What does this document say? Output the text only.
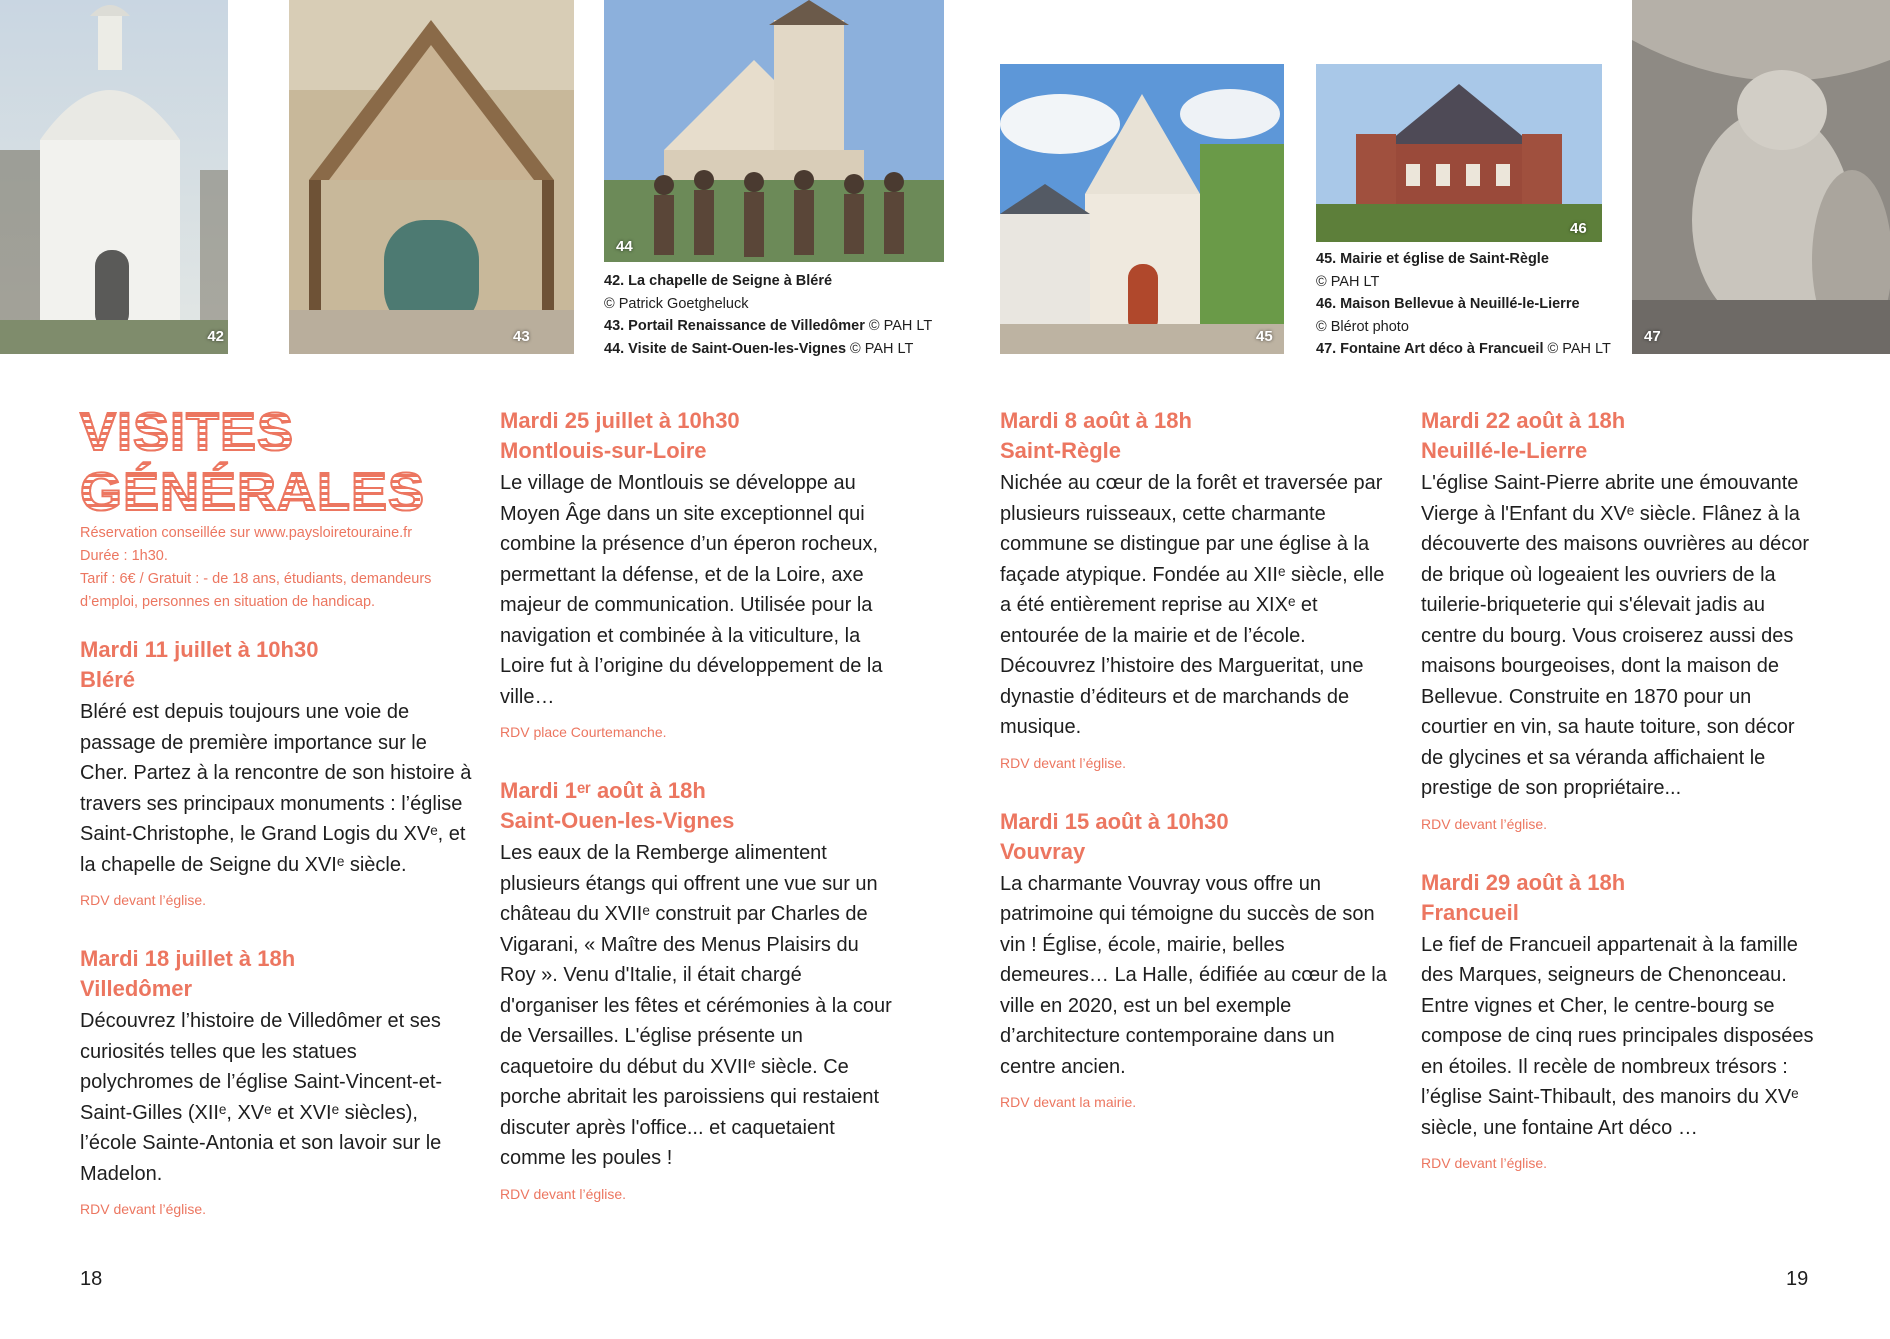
42	43
44
42. La chapelle de Seigne à Bléré
© Patrick Goetgheluck
43. Portail Renaissance de Villedômer © PAH LT
44. Visite de Saint-Ouen-les-Vignes © PAH LT
45
46
45. Mairie et église de Saint-Règle
© PAH LT
46. Maison Bellevue à Neuillé-le-Lierre
© Blérot photo
47. Fontaine Art déco à Francueil © PAH LT
47
VISITES
GÉNÉRALES
Réservation conseillée sur www.paysloiretouraine.fr
Durée : 1h30.
Tarif : 6€ / Gratuit : - de 18 ans, étudiants, demandeurs d’emploi, personnes en situation de handicap.
Mardi 11 juillet à 10h30
Bléré
Bléré est depuis toujours une voie de passage de première importance sur le Cher. Partez à la rencontre de son histoire à travers ses principaux monuments : l’église Saint-Christophe, le Grand Logis du XVᵉ, et la chapelle de Seigne du XVIᵉ siècle.
RDV devant l’église.
Mardi 18 juillet à 18h
Villedômer
Découvrez l’histoire de Villedômer et ses curiosités telles que les statues polychromes de l’église Saint-Vincent-et-Saint-Gilles (XIIᵉ, XVᵉ et XVIᵉ siècles), l’école Sainte-Antonia et son lavoir sur le Madelon.
RDV devant l’église.
Mardi 25 juillet à 10h30
Montlouis-sur-Loire
Le village de Montlouis se développe au Moyen Âge dans un site exceptionnel qui combine la présence d’un éperon rocheux, permettant la défense, et de la Loire, axe majeur de communication. Utilisée pour la navigation et combinée à la viticulture, la Loire fut à l’origine du développement de la ville…
RDV place Courtemanche.
Mardi 1ᵉʳ août à 18h
Saint-Ouen-les-Vignes
Les eaux de la Remberge alimentent plusieurs étangs qui offrent une vue sur un château du XVIIᵉ construit par Charles de Vigarani, « Maître des Menus Plaisirs du Roy ». Venu d'Italie, il était chargé d'organiser les fêtes et cérémonies à la cour de Versailles. L'église présente un caquetoire du début du XVIIᵉ siècle. Ce porche abritait les paroissiens qui restaient discuter après l'office... et caquetaient comme les poules !
RDV devant l’église.
Mardi 8 août à 18h
Saint-Règle
Nichée au cœur de la forêt et traversée par plusieurs ruisseaux, cette charmante commune se distingue par une église à la façade atypique. Fondée au XIIᵉ siècle, elle a été entièrement reprise au XIXᵉ et entourée de la mairie et de l’école. Découvrez l’histoire des Margueritat, une dynastie d’éditeurs et de marchands de musique.
RDV devant l’église.
Mardi 15 août à 10h30
Vouvray
La charmante Vouvray vous offre un patrimoine qui témoigne du succès de son vin ! Église, école, mairie, belles demeures… La Halle, édifiée au cœur de la ville en 2020, est un bel exemple d’architecture contemporaine dans un centre ancien.
RDV devant la mairie.
Mardi 22 août à 18h
Neuillé-le-Lierre
L'église Saint-Pierre abrite une émouvante Vierge à l'Enfant du XVᵉ siècle. Flânez à la découverte des maisons ouvrières au décor de brique où logeaient les ouvriers de la tuilerie-briqueterie qui s'élevait jadis au centre du bourg. Vous croiserez aussi des maisons bourgeoises, dont la maison de Bellevue. Construite en 1870 pour un courtier en vin, sa haute toiture, son décor de glycines et sa véranda affichaient le prestige de son propriétaire...
RDV devant l’église.
Mardi 29 août à 18h
Francueil
Le fief de Francueil appartenait à la famille des Marques, seigneurs de Chenonceau. Entre vignes et Cher, le centre-bourg se compose de cinq rues principales disposées en étoiles. Il recèle de nombreux trésors : l’église Saint-Thibault, des manoirs du XVᵉ siècle, une fontaine Art déco …
RDV devant l’église.
18	19
